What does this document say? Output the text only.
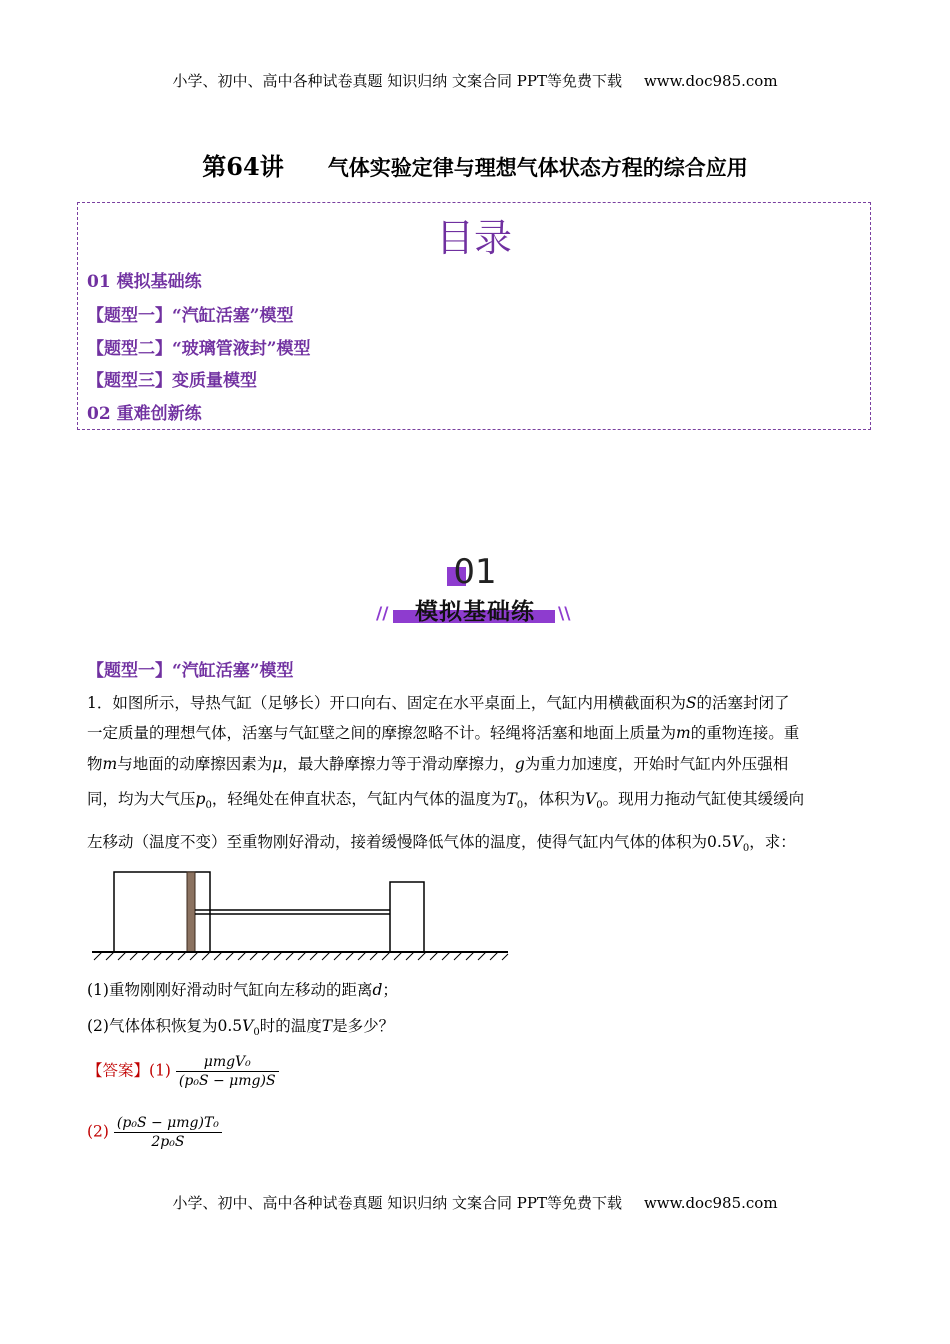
小学、初中、高中各种试卷真题 知识归纳 文案合同 PPT等免费下载 www.doc985.com
第64讲 气体实验定律与理想气体状态方程的综合应用
目录
01 模拟基础练
【题型一】“汽缸活塞”模型
【题型二】“玻璃管液封”模型
【题型三】变质量模型
02 重难创新练
01
模拟基础练
//	\\
【题型一】“汽缸活塞”模型
1．如图所示，导热气缸（足够长）开口向右、固定在水平桌面上，气缸内用横截面积为S的活塞封闭了
一定质量的理想气体，活塞与气缸壁之间的摩擦忽略不计。轻绳将活塞和地面上质量为m的重物连接。重
物m与地面的动摩擦因素为μ，最大静摩擦力等于滑动摩擦力，g为重力加速度，开始时气缸内外压强相
同，均为大气压$p_0$，轻绳处在伸直状态，气缸内气体的温度为$T_0$，体积为$V_0$。现用力拖动气缸使其缓缓向
左移动（温度不变）至重物刚好滑动，接着缓慢降低气体的温度，使得气缸内气体的体积为$0.5V_0$，求：
(1)重物刚刚好滑动时气缸向左移动的距离d；
(2)气体体积恢复为$0.5V_0$时的温度T是多少？
【答案】$(1) \frac{\text{μmgV₀}}{\text{(p₀S − μmg)S}}$
$(2) \frac{\text{(p₀S − μmg)T₀}}{\text{2p₀S}}$
小学、初中、高中各种试卷真题 知识归纳 文案合同 PPT等免费下载 www.doc985.com
